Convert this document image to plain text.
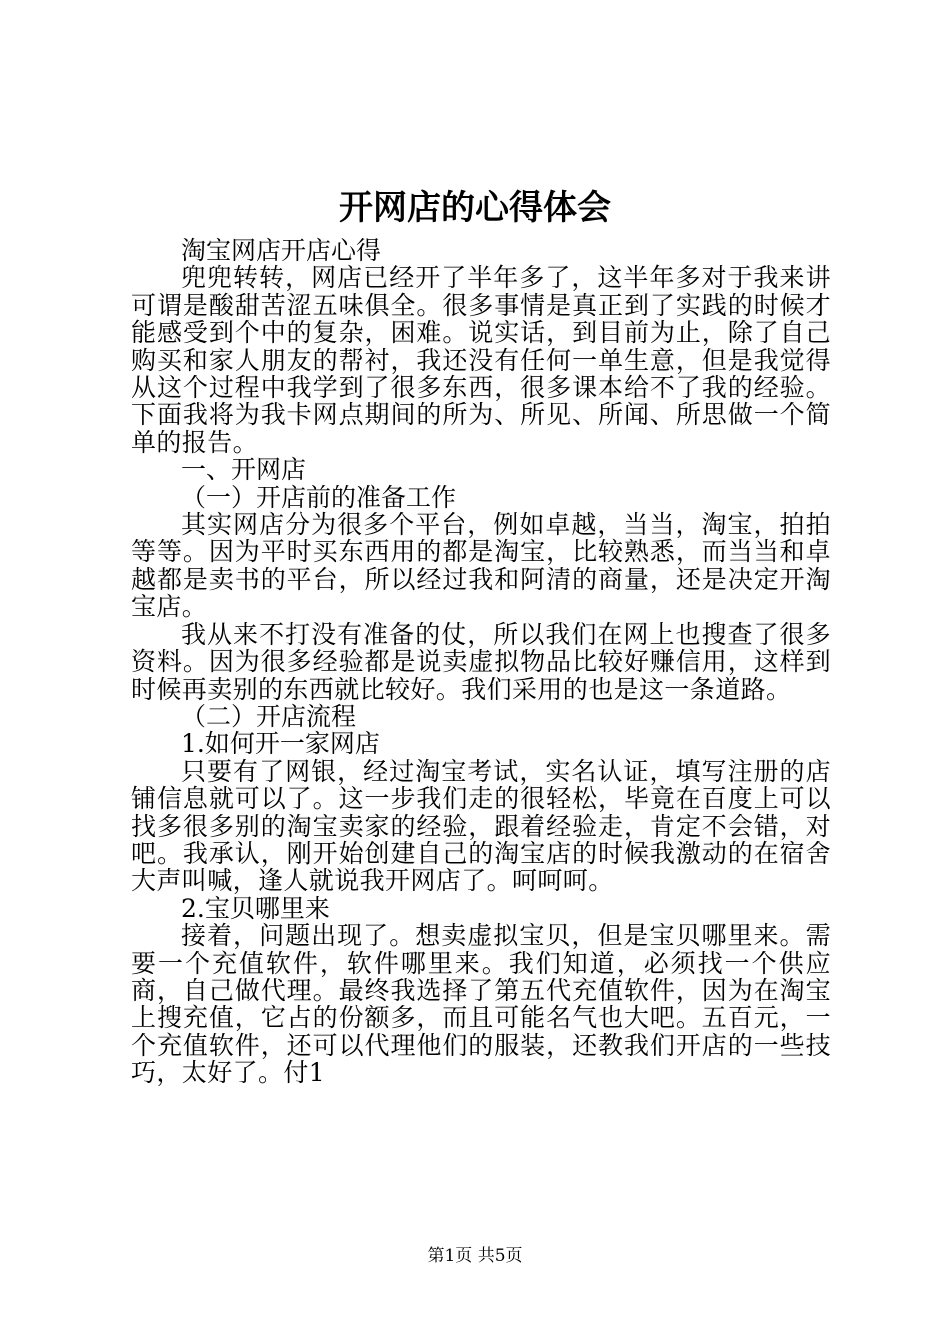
开网店的心得体会
淘宝网店开店心得

兜兜转转，网店已经开了半年多了，这半年多对于我来讲可谓是酸甜苦涩五味俱全。很多事情是真正到了实践的时候才能感受到个中的复杂，困难。说实话，到目前为止，除了自己购买和家人朋友的帮衬，我还没有任何一单生意，但是我觉得从这个过程中我学到了很多东西，很多课本给不了我的经验。下面我将为我卡网点期间的所为、所见、所闻、所思做一个简单的报告。

一、开网店
（一）开店前的准备工作

其实网店分为很多个平台，例如卓越，当当，淘宝，拍拍等等。因为平时买东西用的都是淘宝，比较熟悉，而当当和卓越都是卖书的平台，所以经过我和阿清的商量，还是决定开淘宝店。

我从来不打没有准备的仗，所以我们在网上也搜查了很多资料。因为很多经验都是说卖虚拟物品比较好赚信用，这样到时候再卖别的东西就比较好。我们采用的也是这一条道路。

（二）开店流程
1.如何开一家网店

只要有了网银，经过淘宝考试，实名认证，填写注册的店铺信息就可以了。这一步我们走的很轻松，毕竟在百度上可以找多很多别的淘宝卖家的经验，跟着经验走，肯定不会错，对吧。我承认，刚开始创建自己的淘宝店的时候我激动的在宿舍大声叫喊，逢人就说我开网店了。呵呵呵。

2.宝贝哪里来

接着，问题出现了。想卖虚拟宝贝，但是宝贝哪里来。需要一个充值软件，软件哪里来。我们知道，必须找一个供应商，自己做代理。最终我选择了第五代充值软件，因为在淘宝上搜充值，它占的份额多，而且可能名气也大吧。五百元，一个充值软件，还可以代理他们的服装，还教我们开店的一些技巧，太好了。付1

第1页 共5页
